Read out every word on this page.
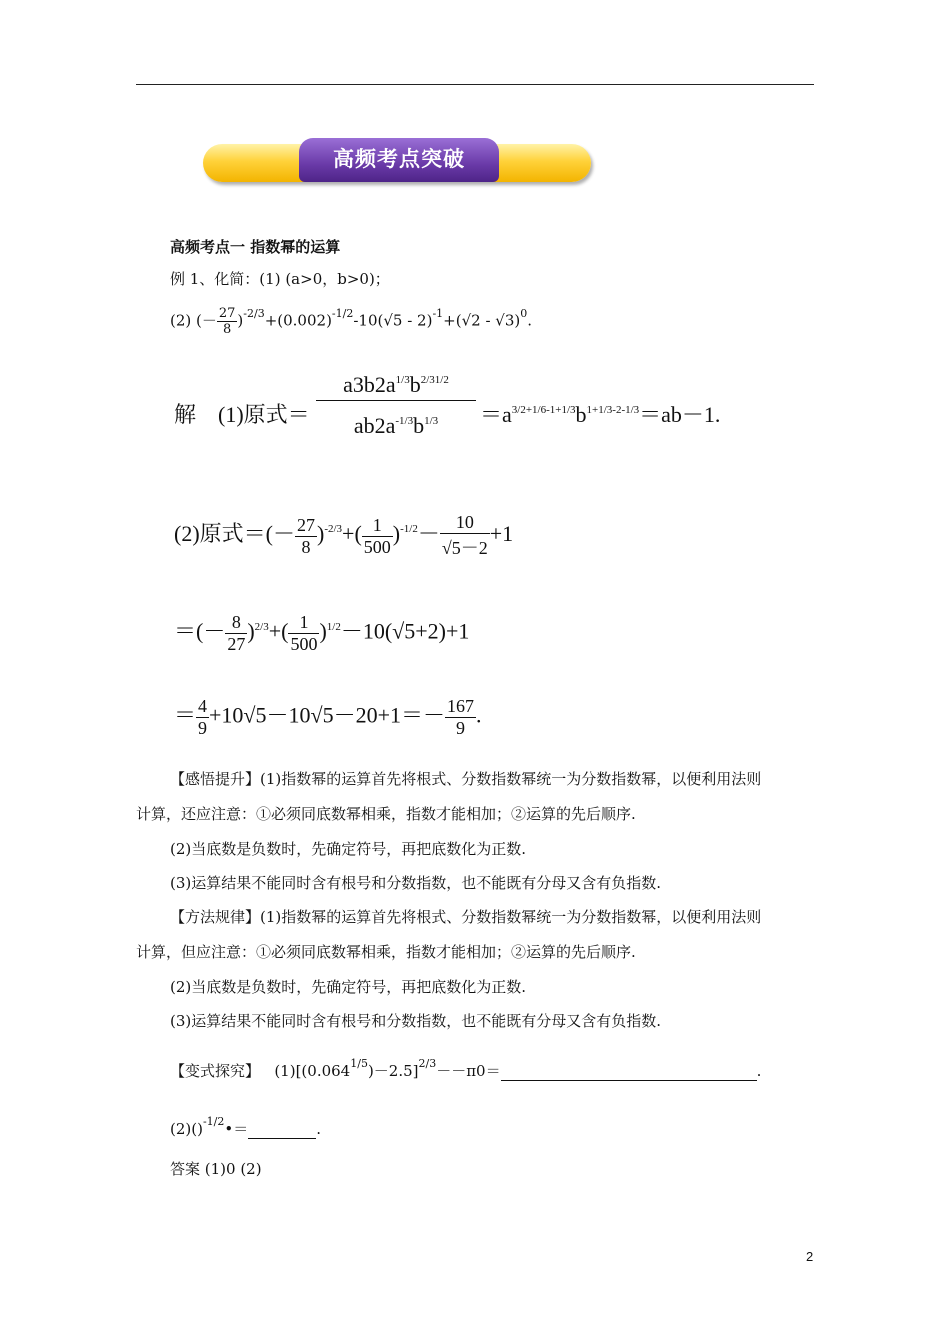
高频考点突破
高频考点一 指数幂的运算
例 1、化简：(1) (a>0，b>0)；
(2) (－ $\frac{27}{8} )^{-2/3}+(0.002)^{-1/2}-10(√5 - 2)^{-1}+(√2 - √3)^0$.
解 (1)原式＝
$a3b2a^{1/3}b^{2/31/2}$
$ab2a^{-1/3}b^{1/3}$	$=a^{3/2+1/6-1+1/3}b^{1+1/3-2-1/3}=ab-1$.
(2)原式＝(－ $\frac{27}{8} )^{-2/3}+( \frac{1}{500} )^{-1/2}- \frac{10}{√5-2} +1$
＝(－ $\frac{8}{27} )^{2/3}+( \frac{1}{500} )^{1/2}-10(√5+2)+1$
＝ $\frac{4}{9} +10√5-10√5-20+1=- \frac{167}{9}$ .
【感悟提升】(1)指数幂的运算首先将根式、分数指数幂统一为分数指数幂，以便利用法则
计算，还应注意：①必须同底数幂相乘，指数才能相加；②运算的先后顺序.
(2)当底数是负数时，先确定符号，再把底数化为正数.
(3)运算结果不能同时含有根号和分数指数，也不能既有分母又含有负指数.
【方法规律】(1)指数幂的运算首先将根式、分数指数幂统一为分数指数幂，以便利用法则
计算，但应注意：①必须同底数幂相乘，指数才能相加；②运算的先后顺序.
(2)当底数是负数时，先确定符号，再把底数化为正数.
(3)运算结果不能同时含有根号和分数指数，也不能既有分母又含有负指数.
【变式探究】 $(1)[(0.064^{1/5})-2.5]^{2/3}--\pi 0=$	.
(2)()$^{-1/2}$•＝	.
答案 (1)0 (2)
2
